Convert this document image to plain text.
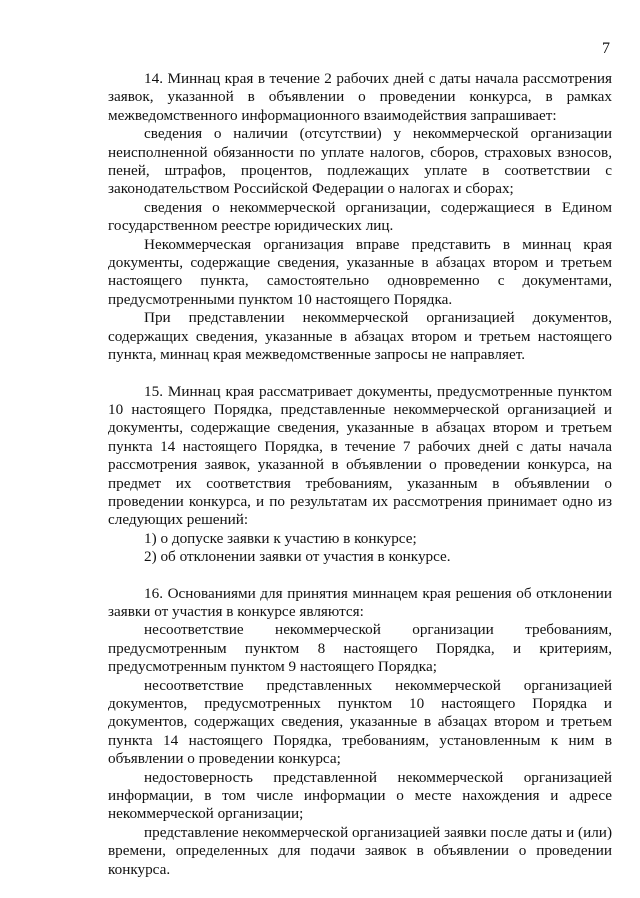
7

14. Миннац края в течение 2 рабочих дней с даты начала рассмотрения заявок, указанной в объявлении о проведении конкурса, в рамках межведомственного информационного взаимодействия запрашивает:

сведения о наличии (отсутствии) у некоммерческой организации неисполненной обязанности по уплате налогов, сборов, страховых взносов, пеней, штрафов, процентов, подлежащих уплате в соответствии с законодательством Российской Федерации о налогах и сборах;

сведения о некоммерческой организации, содержащиеся в Едином государственном реестре юридических лиц.

Некоммерческая организация вправе представить в миннац края документы, содержащие сведения, указанные в абзацах втором и третьем настоящего пункта, самостоятельно одновременно с документами, предусмотренными пунктом 10 настоящего Порядка.

При представлении некоммерческой организацией документов, содержащих сведения, указанные в абзацах втором и третьем настоящего пункта, миннац края межведомственные запросы не направляет.

15. Миннац края рассматривает документы, предусмотренные пунктом 10 настоящего Порядка, представленные некоммерческой организацией и документы, содержащие сведения, указанные в абзацах втором и третьем пункта 14 настоящего Порядка, в течение 7 рабочих дней с даты начала рассмотрения заявок, указанной в объявлении о проведении конкурса, на предмет их соответствия требованиям, указанным в объявлении о проведении конкурса, и по результатам их рассмотрения принимает одно из следующих решений:

1) о допуске заявки к участию в конкурсе;

2) об отклонении заявки от участия в конкурсе.

16. Основаниями для принятия миннацем края решения об отклонении заявки от участия в конкурсе являются:

несоответствие некоммерческой организации требованиям, предусмотренным пунктом 8 настоящего Порядка, и критериям, предусмотренным пунктом 9 настоящего Порядка;

несоответствие представленных некоммерческой организацией документов, предусмотренных пунктом 10 настоящего Порядка и документов, содержащих сведения, указанные в абзацах втором и третьем пункта 14 настоящего Порядка, требованиям, установленным к ним в объявлении о проведении конкурса;

недостоверность представленной некоммерческой организацией информации, в том числе информации о месте нахождения и адресе некоммерческой организации;

представление некоммерческой организацией заявки после даты и (или) времени, определенных для подачи заявок в объявлении о проведении конкурса.
